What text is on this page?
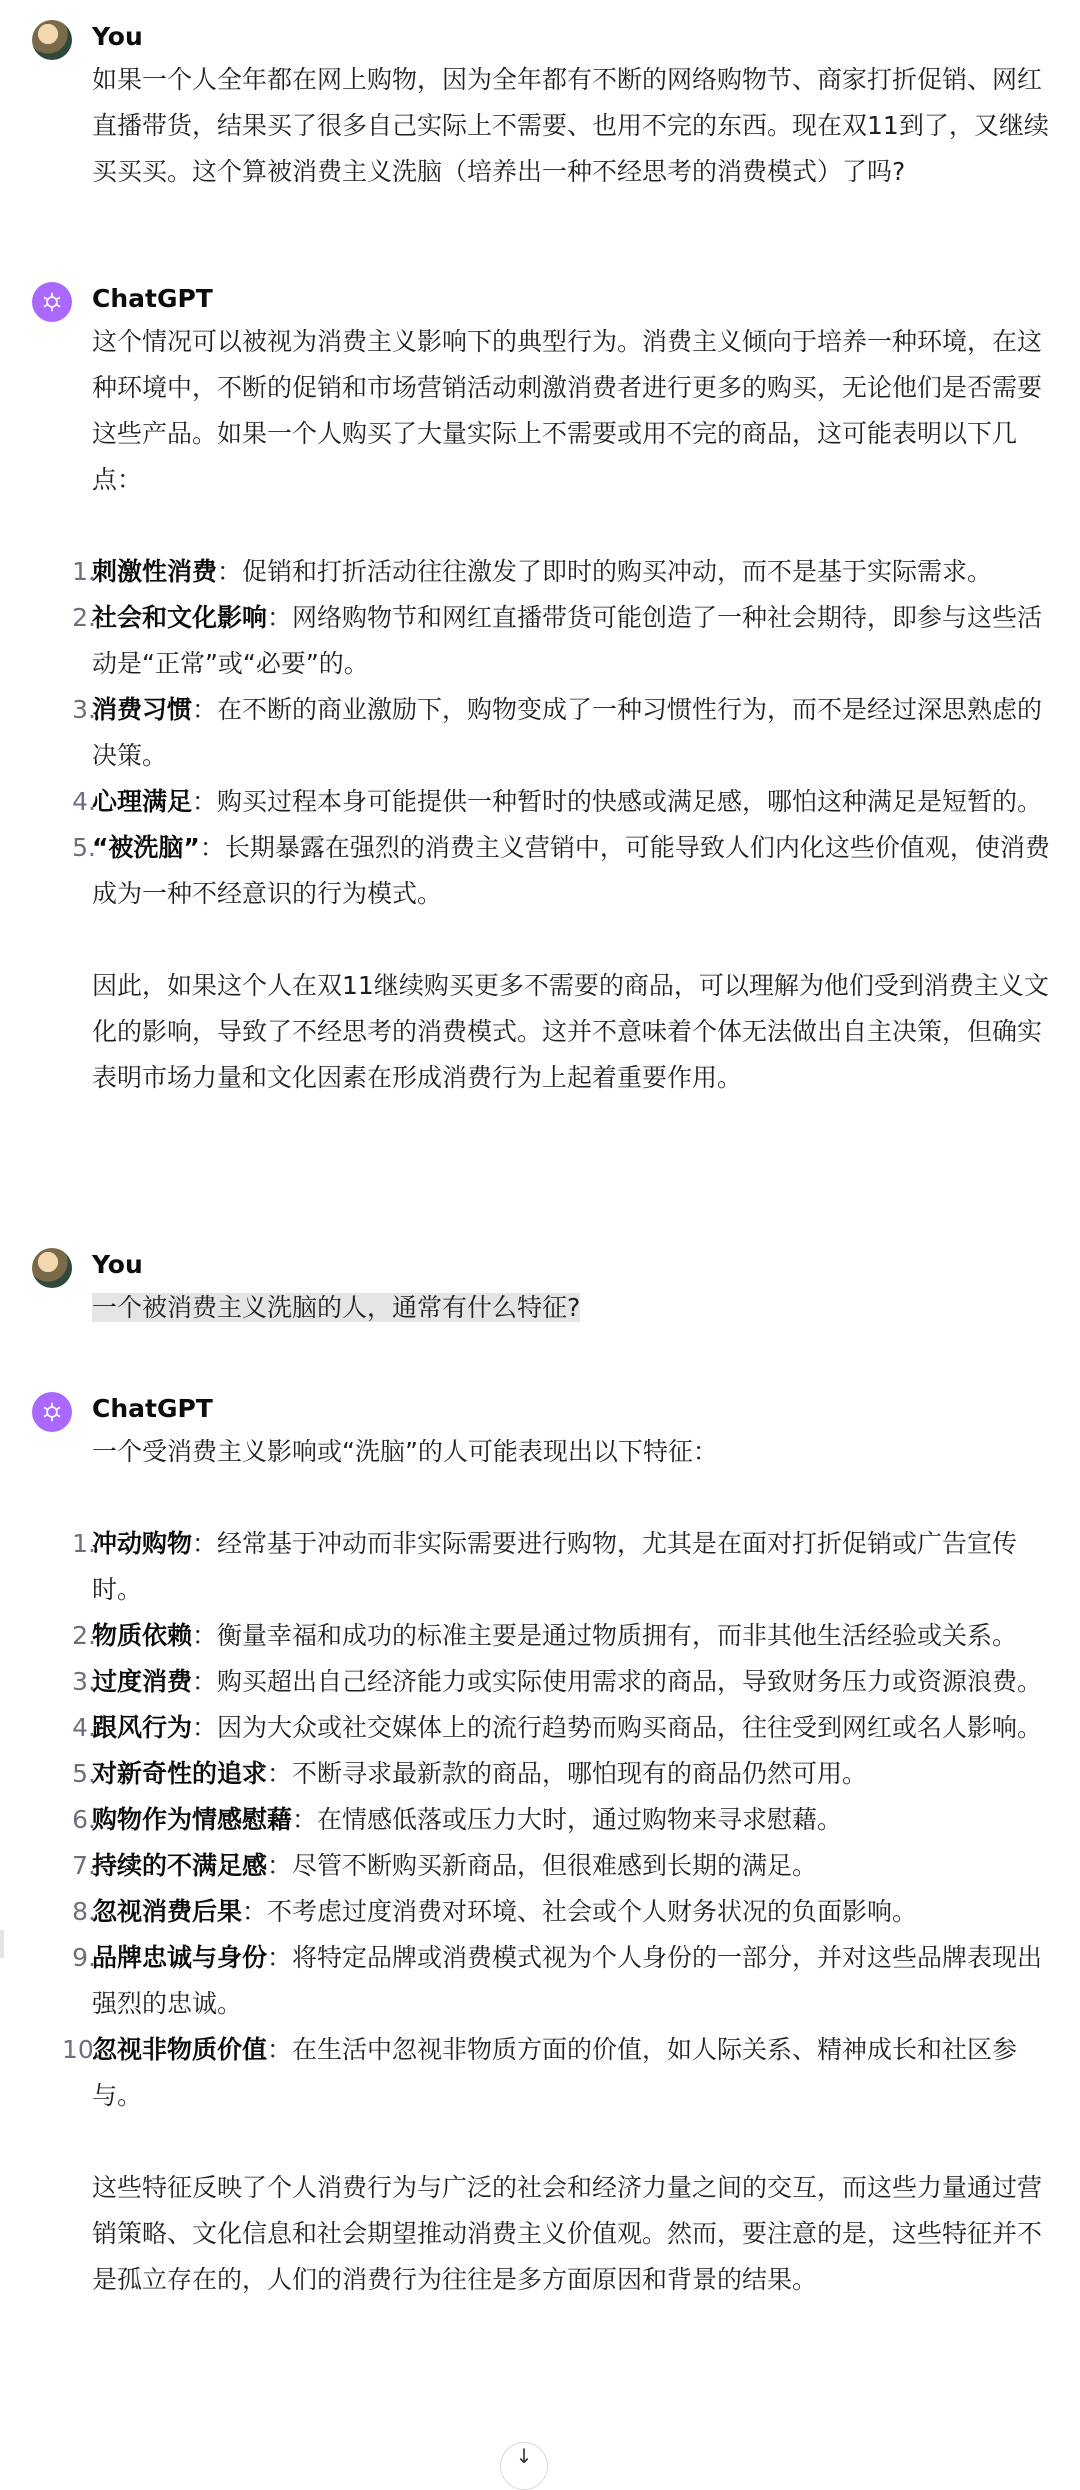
You

如果一个人全年都在网上购物，因为全年都有不断的网络购物节、商家打折促销、网红直播带货，结果买了很多自己实际上不需要、也用不完的东西。现在双11到了，又继续买买买。这个算被消费主义洗脑（培养出一种不经思考的消费模式）了吗?

ChatGPT

这个情况可以被视为消费主义影响下的典型行为。消费主义倾向于培养一种环境，在这种环境中，不断的促销和市场营销活动刺激消费者进行更多的购买，无论他们是否需要这些产品。如果一个人购买了大量实际上不需要或用不完的商品，这可能表明以下几点：

1.
刺激性消费：促销和打折活动往往激发了即时的购买冲动，而不是基于实际需求。
2.
社会和文化影响：网络购物节和网红直播带货可能创造了一种社会期待，即参与这些活动是“正常”或“必要”的。
3.
消费习惯：在不断的商业激励下，购物变成了一种习惯性行为，而不是经过深思熟虑的决策。
4.
心理满足：购买过程本身可能提供一种暂时的快感或满足感，哪怕这种满足是短暂的。
5.
“被洗脑”：长期暴露在强烈的消费主义营销中，可能导致人们内化这些价值观，使消费成为一种不经意识的行为模式。

因此，如果这个人在双11继续购买更多不需要的商品，可以理解为他们受到消费主义文化的影响，导致了不经思考的消费模式。这并不意味着个体无法做出自主决策，但确实表明市场力量和文化因素在形成消费行为上起着重要作用。

You

一个被消费主义洗脑的人，通常有什么特征?

ChatGPT

一个受消费主义影响或“洗脑”的人可能表现出以下特征：

1.
冲动购物：经常基于冲动而非实际需要进行购物，尤其是在面对打折促销或广告宣传时。
2.
物质依赖：衡量幸福和成功的标准主要是通过物质拥有，而非其他生活经验或关系。
3.
过度消费：购买超出自己经济能力或实际使用需求的商品，导致财务压力或资源浪费。
4.
跟风行为：因为大众或社交媒体上的流行趋势而购买商品，往往受到网红或名人影响。
5.
对新奇性的追求：不断寻求最新款的商品，哪怕现有的商品仍然可用。
6.
购物作为情感慰藉：在情感低落或压力大时，通过购物来寻求慰藉。
7.
持续的不满足感：尽管不断购买新商品，但很难感到长期的满足。
8.
忽视消费后果：不考虑过度消费对环境、社会或个人财务状况的负面影响。
9.
品牌忠诚与身份：将特定品牌或消费模式视为个人身份的一部分，并对这些品牌表现出强烈的忠诚。
10.
忽视非物质价值：在生活中忽视非物质方面的价值，如人际关系、精神成长和社区参与。

这些特征反映了个人消费行为与广泛的社会和经济力量之间的交互，而这些力量通过营销策略、文化信息和社会期望推动消费主义价值观。然而，要注意的是，这些特征并不是孤立存在的，人们的消费行为往往是多方面原因和背景的结果。

↓
